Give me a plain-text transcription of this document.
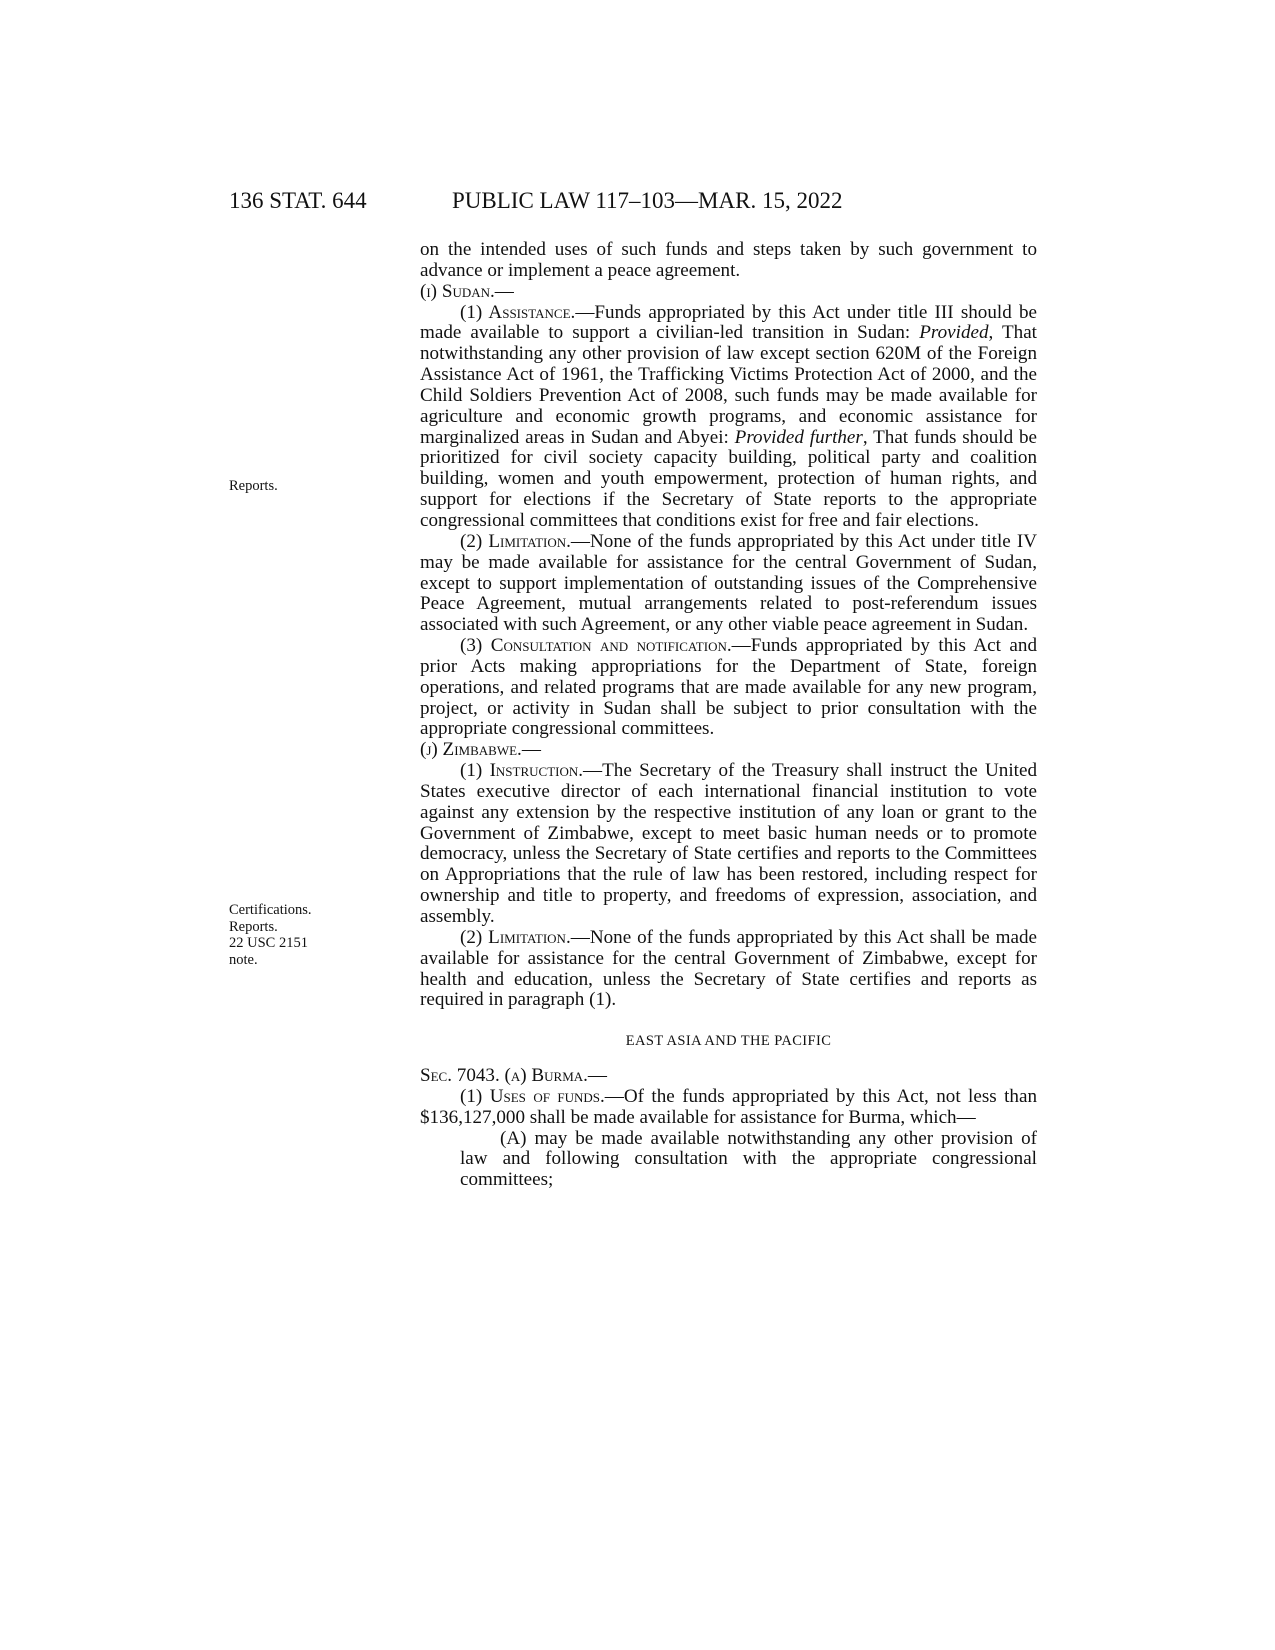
136 STAT. 644	PUBLIC LAW 117–103—MAR. 15, 2022
Reports.
Certifications.
Reports.
22 USC 2151
note.

on the intended uses of such funds and steps taken by such government to advance or implement a peace agreement.

(i) Sudan.—

(1) Assistance.—Funds appropriated by this Act under title III should be made available to support a civilian-led transition in Sudan: Provided, That notwithstanding any other provision of law except section 620M of the Foreign Assistance Act of 1961, the Trafficking Victims Protection Act of 2000, and the Child Soldiers Prevention Act of 2008, such funds may be made available for agriculture and economic growth programs, and economic assistance for marginalized areas in Sudan and Abyei: Provided further, That funds should be prioritized for civil society capacity building, political party and coalition building, women and youth empowerment, protection of human rights, and support for elections if the Secretary of State reports to the appropriate congressional committees that conditions exist for free and fair elections.

(2) Limitation.—None of the funds appropriated by this Act under title IV may be made available for assistance for the central Government of Sudan, except to support implementation of outstanding issues of the Comprehensive Peace Agreement, mutual arrangements related to post-referendum issues associated with such Agreement, or any other viable peace agreement in Sudan.

(3) Consultation and notification.—Funds appropriated by this Act and prior Acts making appropriations for the Department of State, foreign operations, and related programs that are made available for any new program, project, or activity in Sudan shall be subject to prior consultation with the appropriate congressional committees.

(j) Zimbabwe.—

(1) Instruction.—The Secretary of the Treasury shall instruct the United States executive director of each international financial institution to vote against any extension by the respective institution of any loan or grant to the Government of Zimbabwe, except to meet basic human needs or to promote democracy, unless the Secretary of State certifies and reports to the Committees on Appropriations that the rule of law has been restored, including respect for ownership and title to property, and freedoms of expression, association, and assembly.

(2) Limitation.—None of the funds appropriated by this Act shall be made available for assistance for the central Government of Zimbabwe, except for health and education, unless the Secretary of State certifies and reports as required in paragraph (1).

EAST ASIA AND THE PACIFIC

Sec. 7043. (a) Burma.—

(1) Uses of funds.—Of the funds appropriated by this Act, not less than $136,127,000 shall be made available for assistance for Burma, which—

(A) may be made available notwithstanding any other provision of law and following consultation with the appropriate congressional committees;
